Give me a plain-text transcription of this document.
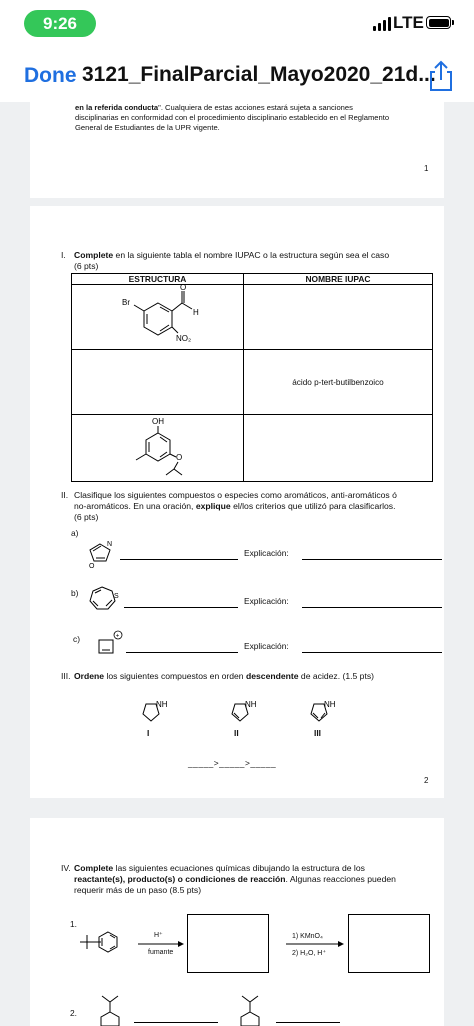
9:26	LTE
Done 3121_FinalParcial_Mayo2020_21d...
en la referida conducta". Cualquiera de estas acciones estará sujeta a sanciones
disciplinarias en conformidad con el procedimiento disciplinario establecido en el Reglamento
General de Estudiantes de la UPR vigente.
1
I. Complete en la siguiente tabla el nombre IUPAC o la estructura según sea el caso
(6 pts)
ESTRUCTURA	NOMBRE IUPAC

Br
O
H
NO₂	

	ácido p-tert-butilbenzoico

OH
O	

II. Clasifique los siguientes compuestos o especies como aromáticos, anti-aromáticos ó
no-aromáticos. En una oración, explique el/los criterios que utilizó para clasificarlos.
(6 pts)
a)
N
O
Explicación:
b)	S	Explicación:
c)	+
Explicación:
III. Ordene los siguientes compuestos en orden descendente de acidez. (1.5 pts)
NH
I
NH
II
NH
III
_____>_____>_____
2
IV. Complete las siguientes ecuaciones químicas dibujando la estructura de los
reactante(s), producto(s) o condiciones de reacción. Algunas reacciones pueden
requerir más de un paso (8.5 pts)
1.
H⁺
fumante
1) KMnO₄
2) H₂O, H⁺
2.
